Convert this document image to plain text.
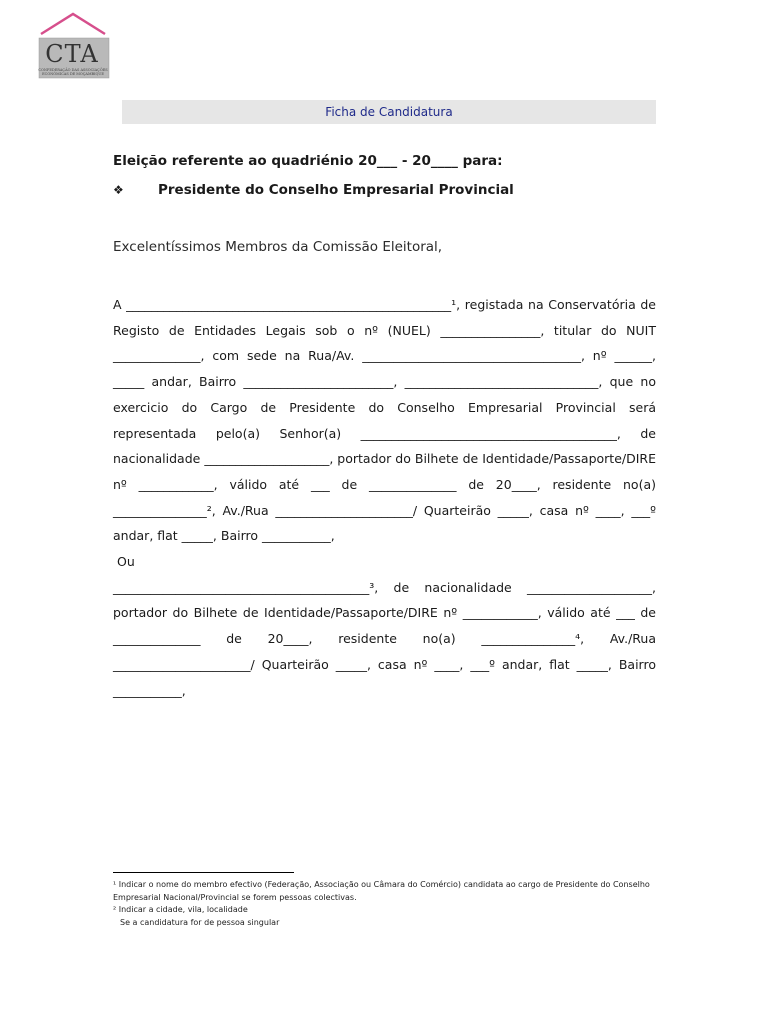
CTA
CONFEDERAÇÃO DAS ASSOCIAÇÕES ECONÓMICAS DE MOÇAMBIQUE
Ficha de Candidatura
Eleição referente ao quadriénio 20___ - 20____ para:
❖	Presidente do Conselho Empresarial Provincial
Excelentíssimos Membros da Comissão Eleitoral,

A ____________________________________________________¹, registada na Conservatória de Registo de Entidades Legais sob o nº (NUEL) ________________, titular do NUIT ______________, com sede na Rua/Av. ___________________________________, nº ______, _____ andar, Bairro ________________________, _______________________________, que no exercicio do Cargo de Presidente do Conselho Empresarial Provincial será representada pelo(a) Senhor(a) _________________________________________, de nacionalidade ____________________, portador do Bilhete de Identidade/Passaporte/DIRE nº ____________, válido até ___ de ______________ de 20____, residente no(a) _______________², Av./Rua ______________________/ Quarteirão _____, casa nº ____, ___º andar, flat _____, Bairro ___________,

Ou

_________________________________________³, de nacionalidade ____________________, portador do Bilhete de Identidade/Passaporte/DIRE nº ____________, válido até ___ de ______________ de 20____, residente no(a) _______________⁴, Av./Rua ______________________/ Quarteirão _____, casa nº ____, ___º andar, flat _____, Bairro ___________,

¹ Indicar o nome do membro efectivo (Federação, Associação ou Câmara do Comércio) candidata ao cargo de Presidente do Conselho Empresarial Nacional/Provincial se forem pessoas colectivas.
² Indicar a cidade, vila, localidade
Se a candidatura for de pessoa singular
